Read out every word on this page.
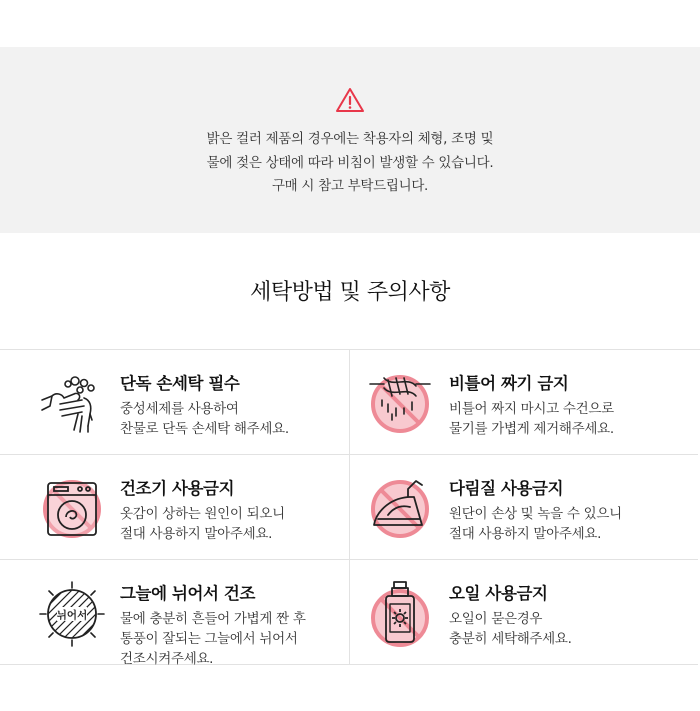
밝은 컬러 제품의 경우에는 착용자의 체형, 조명 및
물에 젖은 상태에 따라 비침이 발생할 수 있습니다.
구매 시 참고 부탁드립니다.
세탁방법 및 주의사항
단독 손세탁 필수
중성세제를 사용하여
찬물로 단독 손세탁 해주세요.
비틀어 짜기 금지
비틀어 짜지 마시고 수건으로
물기를 가볍게 제거해주세요.
건조기 사용금지
옷감이 상하는 원인이 되오니
절대 사용하지 말아주세요.
다림질 사용금지
원단이 손상 및 녹을 수 있으니
절대 사용하지 말아주세요.
뉘어서
그늘에 뉘어서 건조
물에 충분히 흔들어 가볍게 짠 후
통풍이 잘되는 그늘에서 뉘어서
건조시켜주세요.
오일 사용금지
오일이 묻은경우
충분히 세탁해주세요.
